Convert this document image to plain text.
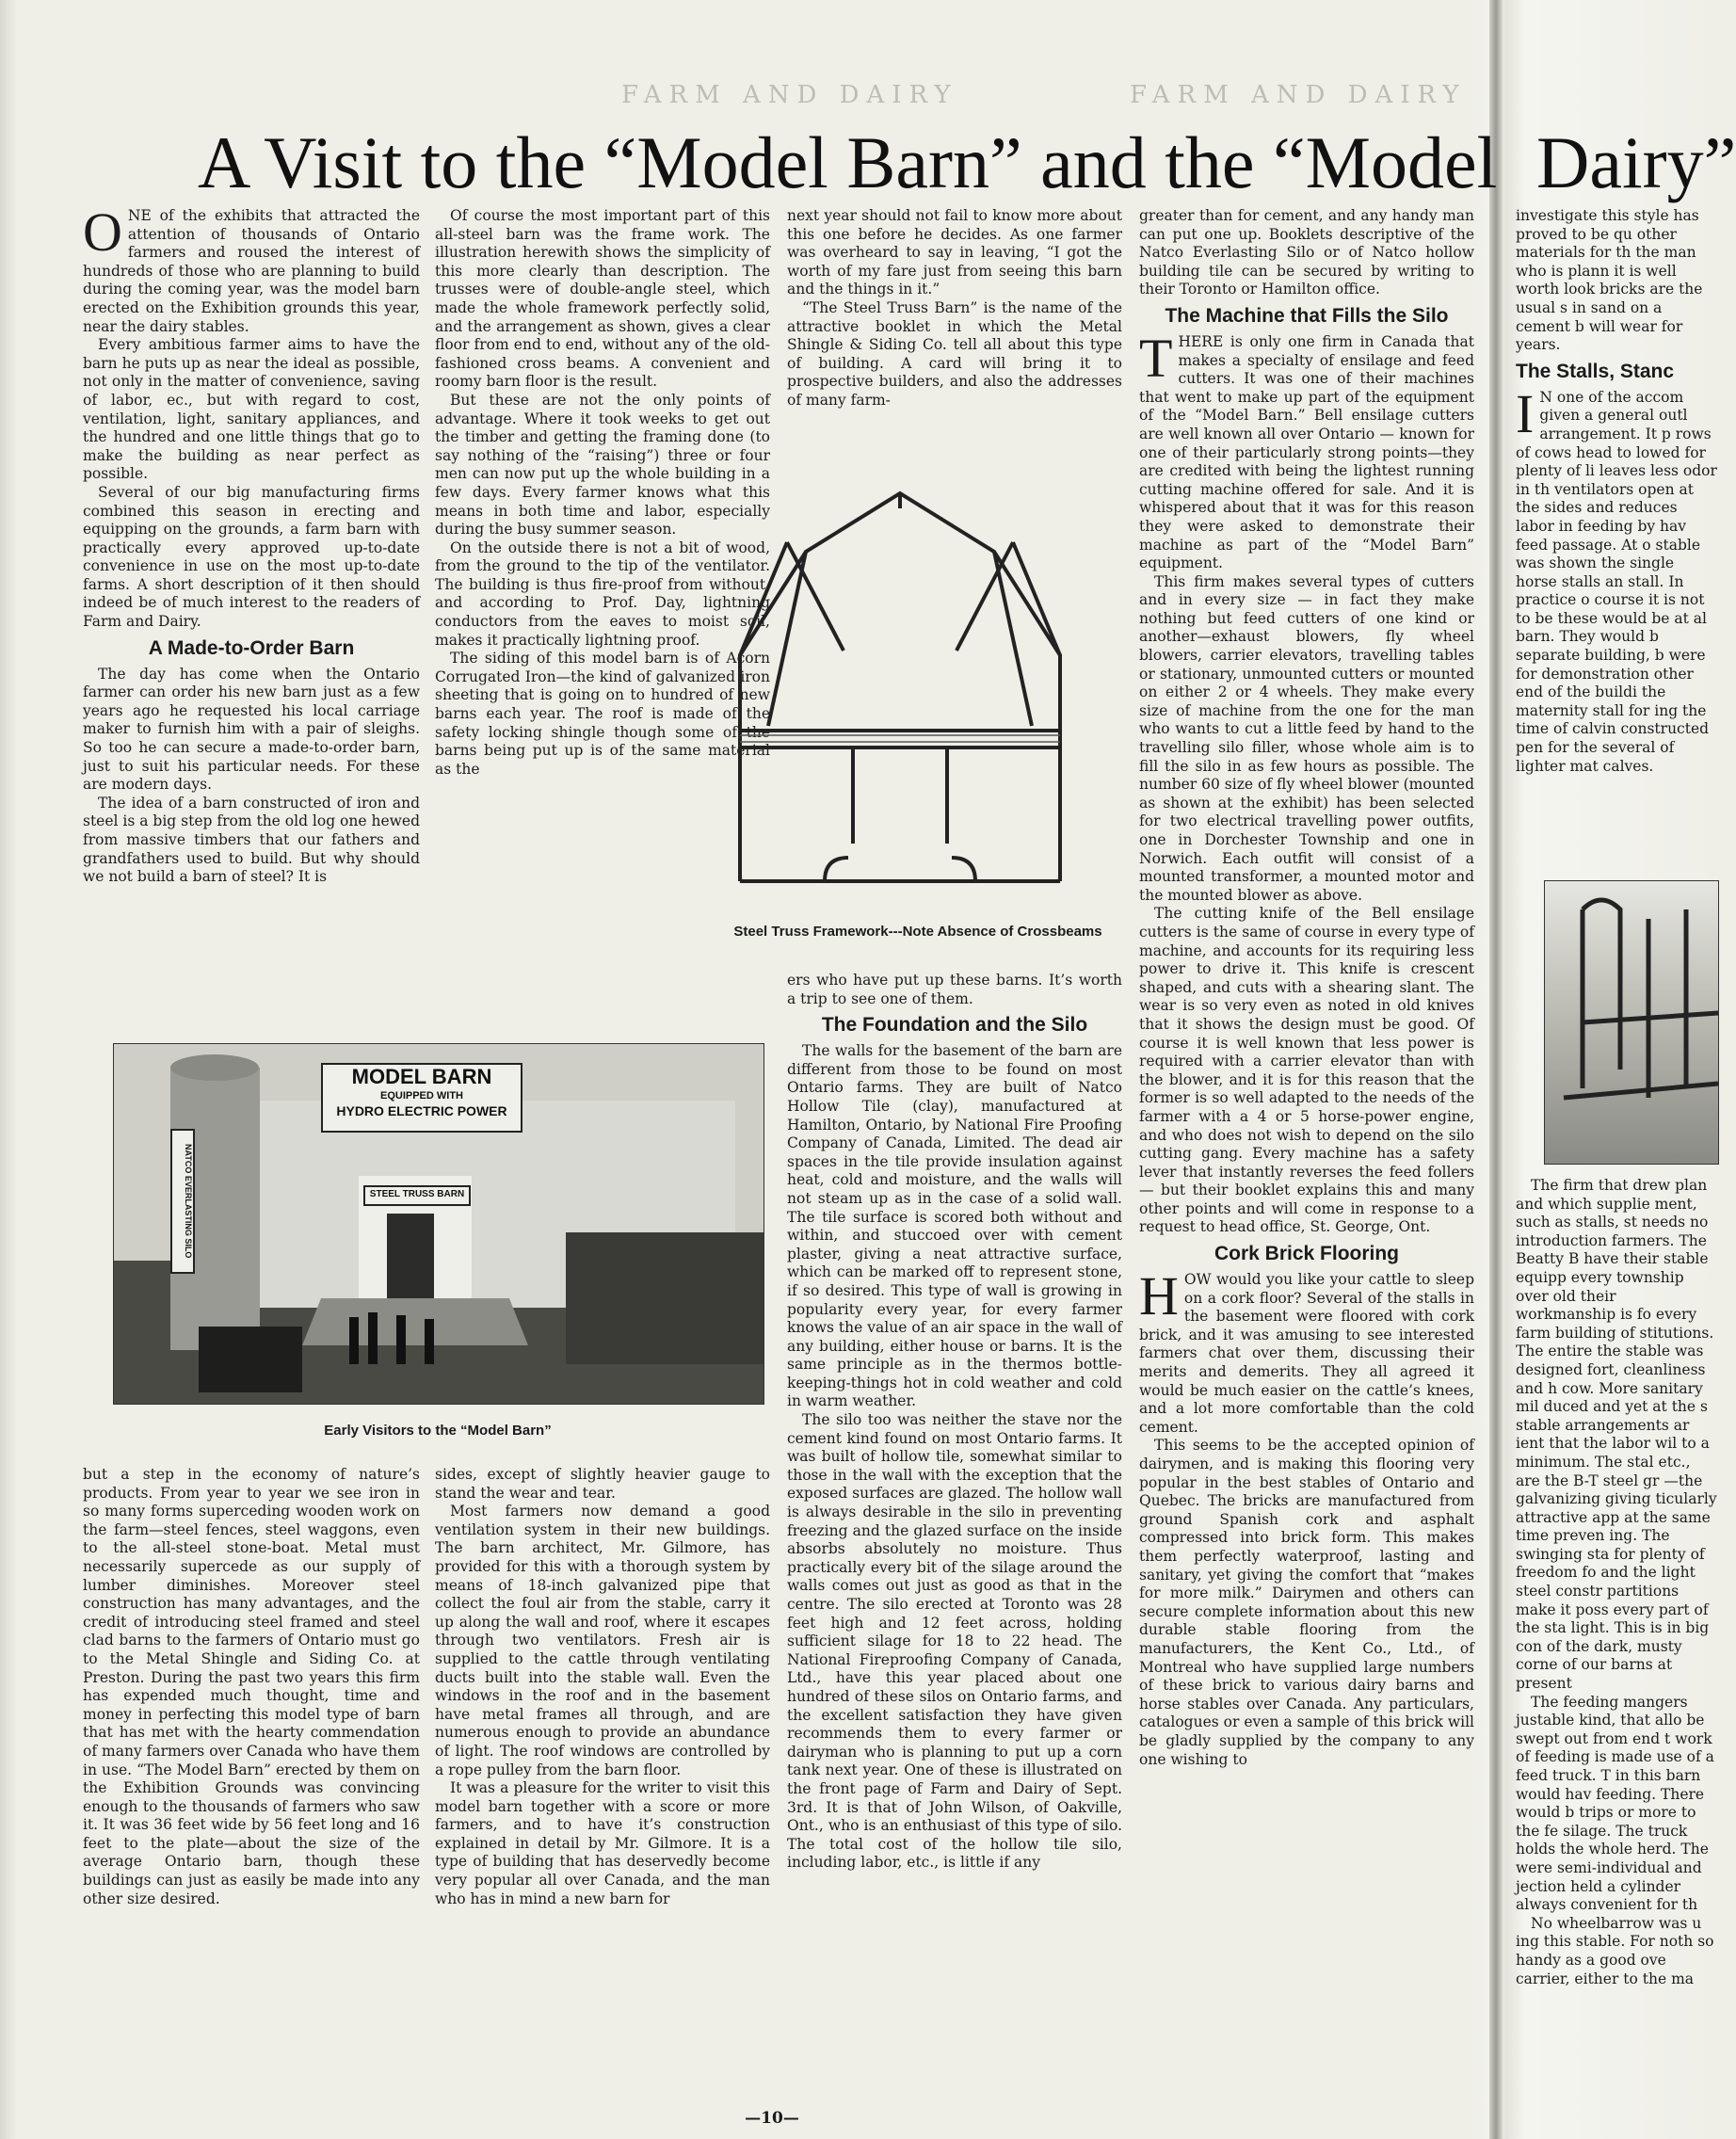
FARM AND DAIRY	FARM AND DAIRY
A Visit to the “Model Barn” and the “Model Dairy”

ONE of the exhibits that attracted the attention of thousands of Ontario farmers and roused the interest of hundreds of those who are planning to build during the coming year, was the model barn erected on the Exhibition grounds this year, near the dairy stables.

Every ambitious farmer aims to have the barn he puts up as near the ideal as possible, not only in the matter of convenience, saving of labor, ec., but with regard to cost, ventilation, light, sanitary appliances, and the hundred and one little things that go to make the building as near perfect as possible.

Several of our big manufacturing firms combined this season in erecting and equipping on the grounds, a farm barn with practically every approved up-to-date convenience in use on the most up-to-date farms. A short description of it then should indeed be of much interest to the readers of Farm and Dairy.

A Made-to-Order Barn

The day has come when the Ontario farmer can order his new barn just as a few years ago he requested his local carriage maker to furnish him with a pair of sleighs. So too he can secure a made-to-order barn, just to suit his particular needs. For these are modern days.

The idea of a barn constructed of iron and steel is a big step from the old log one hewed from massive timbers that our fathers and grandfathers used to build. But why should we not build a barn of steel? It is

Of course the most important part of this all-steel barn was the frame work. The illustration herewith shows the simplicity of this more clearly than description. The trusses were of double-angle steel, which made the whole framework perfectly solid, and the arrangement as shown, gives a clear floor from end to end, without any of the old-fashioned cross beams. A convenient and roomy barn floor is the result.

But these are not the only points of advantage. Where it took weeks to get out the timber and getting the framing done (to say nothing of the “raising”) three or four men can now put up the whole building in a few days. Every farmer knows what this means in both time and labor, especially during the busy summer season.

On the outside there is not a bit of wood, from the ground to the tip of the ventilator. The building is thus fire-proof from without, and according to Prof. Day, lightning conductors from the eaves to moist soil, makes it practically lightning proof.

The siding of this model barn is of Acorn Corrugated Iron—the kind of galvanized iron sheeting that is going on to hundred of new barns each year. The roof is made of the safety locking shingle though some of the barns being put up is of the same material as the

next year should not fail to know more about this one before he decides. As one farmer was overheard to say in leaving, “I got the worth of my fare just from seeing this barn and the things in it.”

“The Steel Truss Barn” is the name of the attractive booklet in which the Metal Shingle & Siding Co. tell all about this type of building. A card will bring it to prospective builders, and also the addresses of many farm-

Steel Truss Framework---Note Absence of Crossbeams

ers who have put up these barns. It’s worth a trip to see one of them.

The Foundation and the Silo

The walls for the basement of the barn are different from those to be found on most Ontario farms. They are built of Natco Hollow Tile (clay), manufactured at Hamilton, Ontario, by National Fire Proofing Company of Canada, Limited. The dead air spaces in the tile provide insulation against heat, cold and moisture, and the walls will not steam up as in the case of a solid wall. The tile surface is scored both without and within, and stuccoed over with cement plaster, giving a neat attractive surface, which can be marked off to represent stone, if so desired. This type of wall is growing in popularity every year, for every farmer knows the value of an air space in the wall of any building, either house or barns. It is the same principle as in the thermos bottle-keeping-things hot in cold weather and cold in warm weather.

The silo too was neither the stave nor the cement kind found on most Ontario farms. It was built of hollow tile, somewhat similar to those in the wall with the exception that the exposed surfaces are glazed. The hollow wall is always desirable in the silo in preventing freezing and the glazed surface on the inside absorbs absolutely no moisture. Thus practically every bit of the silage around the walls comes out just as good as that in the centre. The silo erected at Toronto was 28 feet high and 12 feet across, holding sufficient silage for 18 to 22 head. The National Fireproofing Company of Canada, Ltd., have this year placed about one hundred of these silos on Ontario farms, and the excellent satisfaction they have given recommends them to every farmer or dairyman who is planning to put up a corn tank next year. One of these is illustrated on the front page of Farm and Dairy of Sept. 3rd. It is that of John Wilson, of Oakville, Ont., who is an enthusiast of this type of silo. The total cost of the hollow tile silo, including labor, etc., is little if any

greater than for cement, and any handy man can put one up. Booklets descriptive of the Natco Everlasting Silo or of Natco hollow building tile can be secured by writing to their Toronto or Hamilton office.

The Machine that Fills the Silo

THERE is only one firm in Canada that makes a specialty of ensilage and feed cutters. It was one of their machines that went to make up part of the equipment of the “Model Barn.” Bell ensilage cutters are well known all over Ontario — known for one of their particularly strong points—they are credited with being the lightest running cutting machine offered for sale. And it is whispered about that it was for this reason they were asked to demonstrate their machine as part of the “Model Barn” equipment.

This firm makes several types of cutters and in every size — in fact they make nothing but feed cutters of one kind or another—exhaust blowers, fly wheel blowers, carrier elevators, travelling tables or stationary, unmounted cutters or mounted on either 2 or 4 wheels. They make every size of machine from the one for the man who wants to cut a little feed by hand to the travelling silo filler, whose whole aim is to fill the silo in as few hours as possible. The number 60 size of fly wheel blower (mounted as shown at the exhibit) has been selected for two electrical travelling power outfits, one in Dorchester Township and one in Norwich. Each outfit will consist of a mounted transformer, a mounted motor and the mounted blower as above.

The cutting knife of the Bell ensilage cutters is the same of course in every type of machine, and accounts for its requiring less power to drive it. This knife is crescent shaped, and cuts with a shearing slant. The wear is so very even as noted in old knives that it shows the design must be good. Of course it is well known that less power is required with a carrier elevator than with the blower, and it is for this reason that the former is so well adapted to the needs of the farmer with a 4 or 5 horse-power engine, and who does not wish to depend on the silo cutting gang. Every machine has a safety lever that instantly reverses the feed follers — but their booklet explains this and many other points and will come in response to a request to head office, St. George, Ont.

Cork Brick Flooring

HOW would you like your cattle to sleep on a cork floor? Several of the stalls in the basement were floored with cork brick, and it was amusing to see interested farmers chat over them, discussing their merits and demerits. They all agreed it would be much easier on the cattle’s knees, and a lot more comfortable than the cold cement.

This seems to be the accepted opinion of dairymen, and is making this flooring very popular in the best stables of Ontario and Quebec. The bricks are manufactured from ground Spanish cork and asphalt compressed into brick form. This makes them perfectly waterproof, lasting and sanitary, yet giving the comfort that “makes for more milk.” Dairymen and others can secure complete information about this new durable stable flooring from the manufacturers, the Kent Co., Ltd., of Montreal who have supplied large numbers of these brick to various dairy barns and horse stables over Canada. Any particulars, catalogues or even a sample of this brick will be gladly supplied by the company to any one wishing to

investigate this style has proved to be qu other materials for th the man who is plann it is well worth look bricks are the usual s in sand on a cement b will wear for years.

The Stalls, Stanc

I N one of the accom given a general outl arrangement. It p rows of cows head to lowed for plenty of li leaves less odor in th ventilators open at the sides and reduces labor in feeding by hav feed passage. At o stable was shown the single horse stalls an stall. In practice o course it is not to be these would be at al barn. They would b separate building, b were for demonstration other end of the buildi the maternity stall for ing the time of calvin constructed pen for the several of lighter mat calves.

The firm that drew plan and which supplie ment, such as stalls, st needs no introduction farmers. The Beatty B have their stable equipp every township over old their workmanship is fo every farm building of stitutions. The entire the stable was designed fort, cleanliness and h cow. More sanitary mil duced and yet at the s stable arrangements ar ient that the labor wil to a minimum. The stal etc., are the B-T steel gr —the galvanizing giving ticularly attractive app at the same time preven ing. The swinging sta for plenty of freedom fo and the light steel constr partitions make it poss every part of the sta light. This is in big con of the dark, musty corne of our barns at present

The feeding mangers justable kind, that allo be swept out from end t work of feeding is made use of a feed truck. T in this barn would hav feeding. There would b trips or more to the fe silage. The truck holds the whole herd. The were semi-individual and jection held a cylinder always convenient for th

No wheelbarrow was u ing this stable. For noth so handy as a good ove carrier, either to the ma

MODEL BARN
EQUIPPED WITH
HYDRO ELECTRIC POWER
NATCO EVERLASTING SILO	STEEL TRUSS BARN
Early Visitors to the “Model Barn”

but a step in the economy of nature’s products. From year to year we see iron in so many forms superceding wooden work on the farm—steel fences, steel waggons, even to the all-steel stone-boat. Metal must necessarily supercede as our supply of lumber diminishes. Moreover steel construction has many advantages, and the credit of introducing steel framed and steel clad barns to the farmers of Ontario must go to the Metal Shingle and Siding Co. at Preston. During the past two years this firm has expended much thought, time and money in perfecting this model type of barn that has met with the hearty commendation of many farmers over Canada who have them in use. “The Model Barn” erected by them on the Exhibition Grounds was convincing enough to the thousands of farmers who saw it. It was 36 feet wide by 56 feet long and 16 feet to the plate—about the size of the average Ontario barn, though these buildings can just as easily be made into any other size desired.

sides, except of slightly heavier gauge to stand the wear and tear.

Most farmers now demand a good ventilation system in their new buildings. The barn architect, Mr. Gilmore, has provided for this with a thorough system by means of 18-inch galvanized pipe that collect the foul air from the stable, carry it up along the wall and roof, where it escapes through two ventilators. Fresh air is supplied to the cattle through ventilating ducts built into the stable wall. Even the windows in the roof and in the basement have metal frames all through, and are numerous enough to provide an abundance of light. The roof windows are controlled by a rope pulley from the barn floor.

It was a pleasure for the writer to visit this model barn together with a score or more farmers, and to have it’s construction explained in detail by Mr. Gilmore. It is a type of building that has deservedly become very popular all over Canada, and the man who has in mind a new barn for

—10—
